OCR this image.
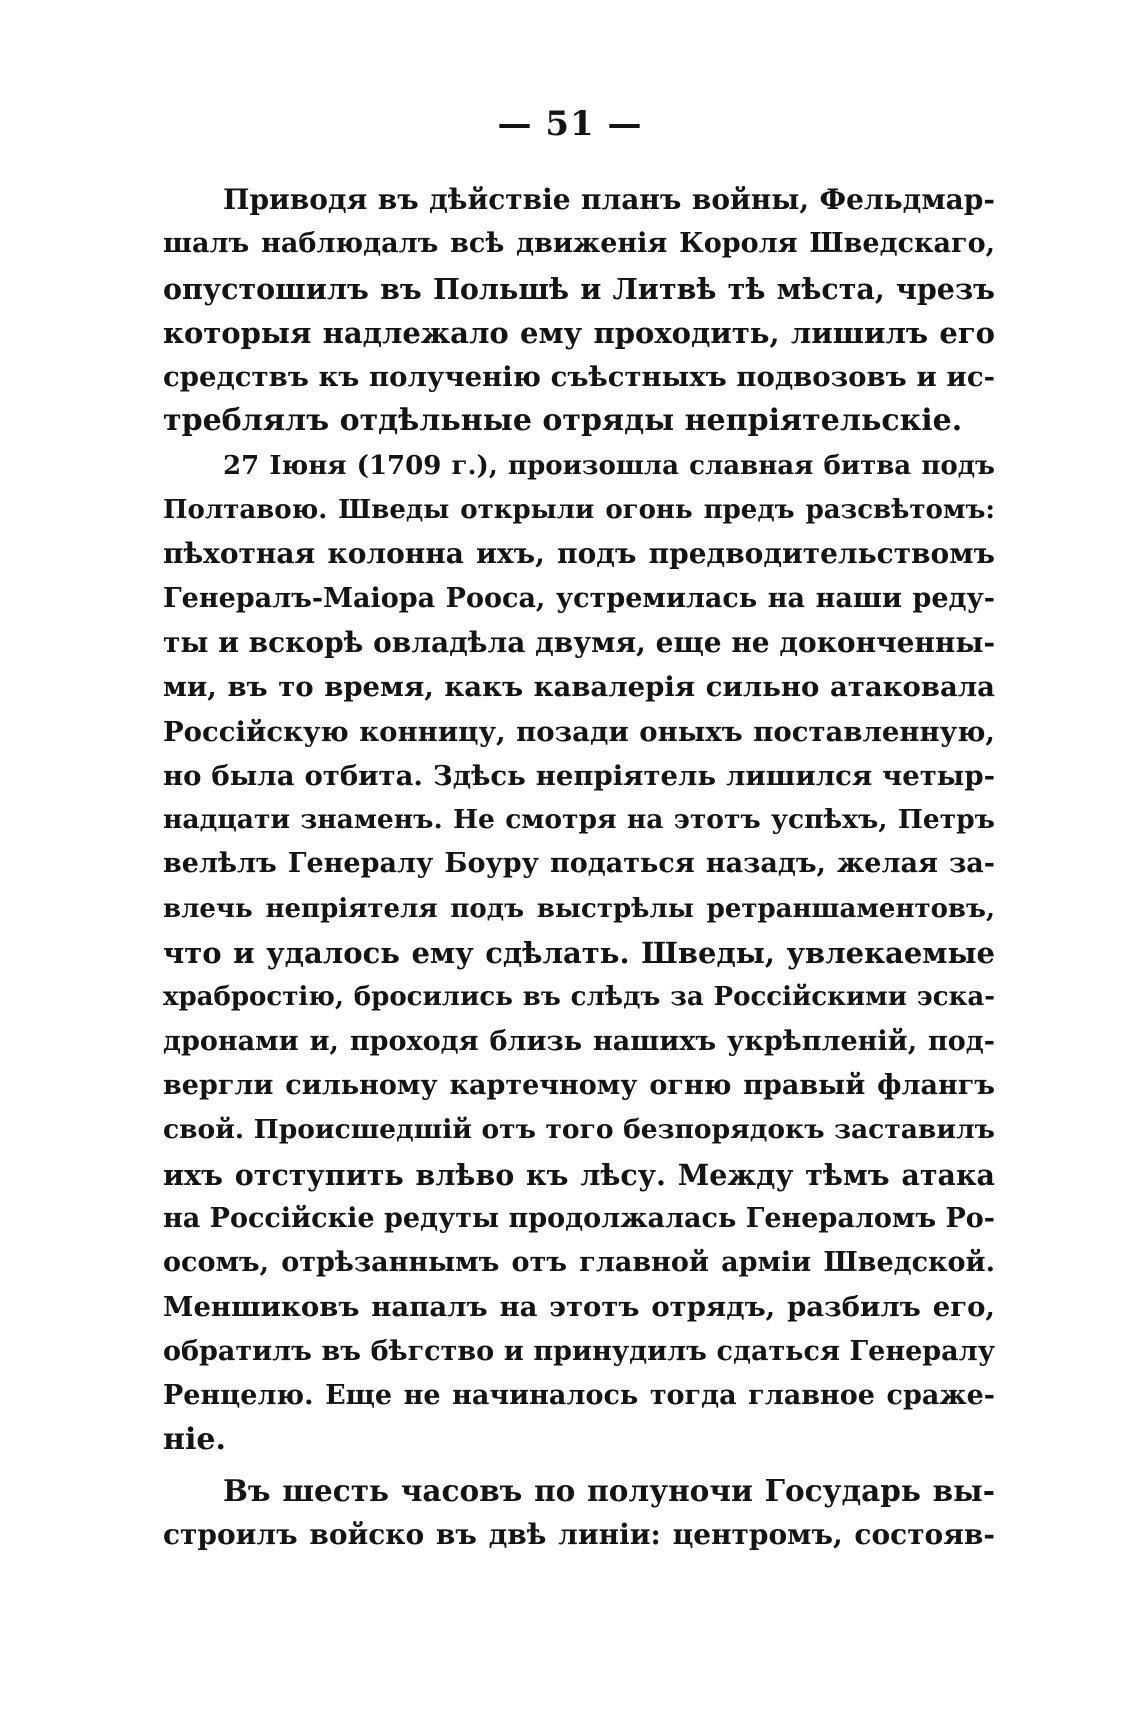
— 51 —
Приводя въ дѣйствіе планъ войны, Фельдмар-
шалъ наблюдалъ всѣ движенія Короля Шведскаго,
опустошилъ въ Польшѣ и Литвѣ тѣ мѣста, чрезъ
которыя надлежало ему проходить, лишилъ его
средствъ къ полученію съѣстныхъ подвозовъ и ис-
треблялъ отдѣльные отряды непріятельскіе.
27 Іюня (1709 г.), произошла славная битва подъ
Полтавою. Шведы открыли огонь предъ разсвѣтомъ:
пѣхотная колонна ихъ, подъ предводительствомъ
Генералъ-Маіора Рооса, устремилась на наши реду-
ты и вскорѣ овладѣла двумя, еще не доконченны-
ми, въ то время, какъ кавалерія сильно атаковала
Россійскую конницу, позади оныхъ поставленную,
но была отбита. Здѣсь непріятель лишился четыр-
надцати знаменъ. Не смотря на этотъ успѣхъ, Петръ
велѣлъ Генералу Боуру податься назадъ, желая за-
влечь непріятеля подъ выстрѣлы ретраншаментовъ,
что и удалось ему сдѣлать. Шведы, увлекаемые
храбростію, бросились въ слѣдъ за Россійскими эска-
дронами и, проходя близь нашихъ укрѣпленій, под-
вергли сильному картечному огню правый флангъ
свой. Происшедшій отъ того безпорядокъ заставилъ
ихъ отступить влѣво къ лѣсу. Между тѣмъ атака
на Россійскіе редуты продолжалась Генераломъ Ро-
осомъ, отрѣзаннымъ отъ главной арміи Шведской.
Меншиковъ напалъ на этотъ отрядъ, разбилъ его,
обратилъ въ бѣгство и принудилъ сдаться Генералу
Ренцелю. Еще не начиналось тогда главное сраже-
ніе.
Въ шесть часовъ по полуночи Государь вы-
строилъ войско въ двѣ линіи: центромъ, состояв-
